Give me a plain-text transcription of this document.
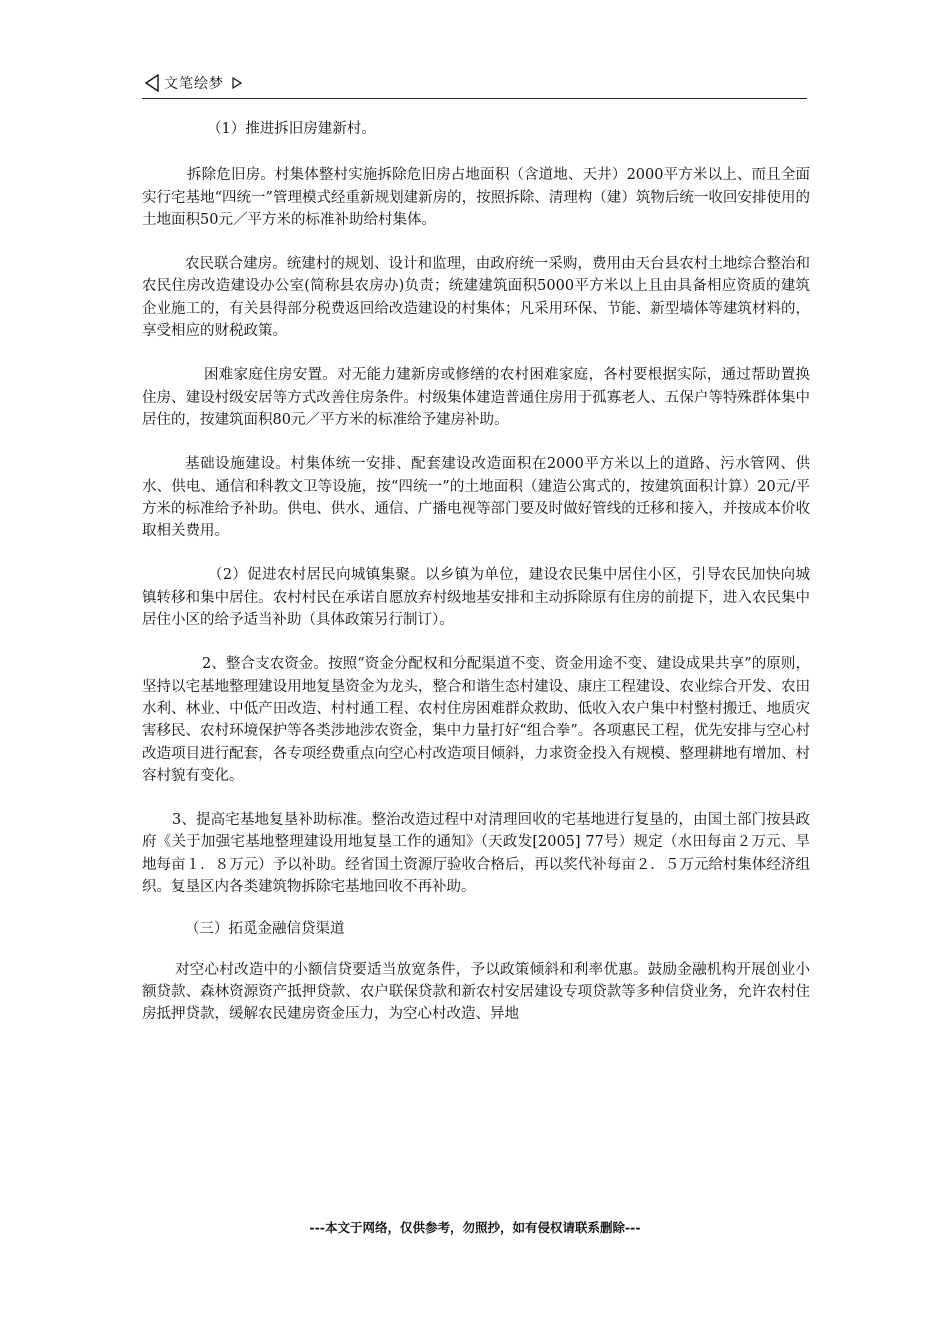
文笔绘梦

（1）推进拆旧房建新村。

拆除危旧房。村集体整村实施拆除危旧房占地面积（含道地、天井）2000平方米以上、而且全面实行宅基地“四统一”管理模式经重新规划建新房的，按照拆除、清理构（建）筑物后统一收回安排使用的土地面积50元／平方米的标准补助给村集体。

农民联合建房。统建村的规划、设计和监理，由政府统一采购，费用由天台县农村土地综合整治和农民住房改造建设办公室(简称县农房办)负责；统建建筑面积5000平方米以上且由具备相应资质的建筑企业施工的，有关县得部分税费返回给改造建设的村集体；凡采用环保、节能、新型墙体等建筑材料的，享受相应的财税政策。

困难家庭住房安置。对无能力建新房或修缮的农村困难家庭，各村要根据实际，通过帮助置换住房、建设村级安居等方式改善住房条件。村级集体建造普通住房用于孤寡老人、五保户等特殊群体集中居住的，按建筑面积80元／平方米的标准给予建房补助。

基础设施建设。村集体统一安排、配套建设改造面积在2000平方米以上的道路、污水管网、供水、供电、通信和科教文卫等设施，按“四统一”的土地面积（建造公寓式的，按建筑面积计算）20元/平方米的标准给予补助。供电、供水、通信、广播电视等部门要及时做好管线的迁移和接入，并按成本价收取相关费用。

（2）促进农村居民向城镇集聚。以乡镇为单位，建设农民集中居住小区，引导农民加快向城镇转移和集中居住。农村村民在承诺自愿放弃村级地基安排和主动拆除原有住房的前提下，进入农民集中居住小区的给予适当补助（具体政策另行制订）。

2、整合支农资金。按照“资金分配权和分配渠道不变、资金用途不变、建设成果共享”的原则，坚持以宅基地整理建设用地复垦资金为龙头，整合和谐生态村建设、康庄工程建设、农业综合开发、农田水利、林业、中低产田改造、村村通工程、农村住房困难群众救助、低收入农户集中村整村搬迁、地质灾害移民、农村环境保护等各类涉地涉农资金，集中力量打好“组合拳”。各项惠民工程，优先安排与空心村改造项目进行配套，各专项经费重点向空心村改造项目倾斜，力求资金投入有规模、整理耕地有增加、村容村貌有变化。

3、提高宅基地复垦补助标准。整治改造过程中对清理回收的宅基地进行复垦的，由国土部门按县政府《关于加强宅基地整理建设用地复垦工作的通知》（天政发[2005] 77号）规定（水田每亩２万元、旱地每亩１．８万元）予以补助。经省国土资源厅验收合格后，再以奖代补每亩２．５万元给村集体经济组织。复垦区内各类建筑物拆除宅基地回收不再补助。

（三）拓觅金融信贷渠道

对空心村改造中的小额信贷要适当放宽条件，予以政策倾斜和利率优惠。鼓励金融机构开展创业小额贷款、森林资源资产抵押贷款、农户联保贷款和新农村安居建设专项贷款等多种信贷业务，允许农村住房抵押贷款，缓解农民建房资金压力，为空心村改造、异地

---本文于网络，仅供参考，勿照抄，如有侵权请联系删除---
